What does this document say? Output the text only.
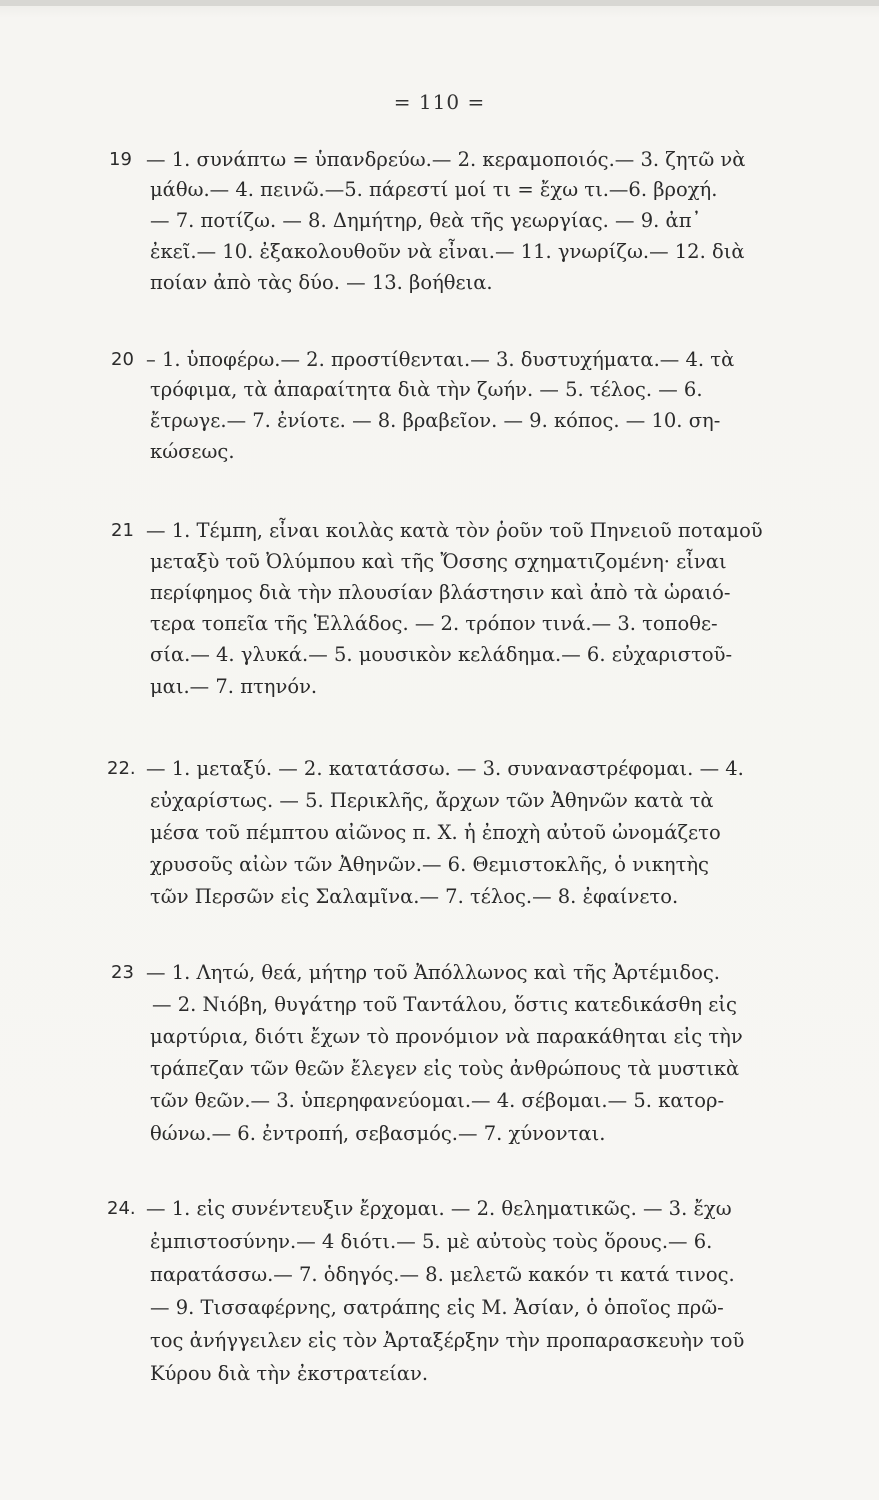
= 110 =
19 — 1. συνάπτω = ὑπανδρεύω.— 2. κεραμοποιός.— 3. ζητῶ νὰ
μάθω.— 4. πεινῶ.—5. πάρεστί μοί τι = ἔχω τι.—6. βροχή.
— 7. ποτίζω. — 8. Δημήτηρ, θεὰ τῆς γεωργίας. — 9. ἀπ᾽
ἐκεῖ.— 10. ἐξακολουθοῦν νὰ εἶναι.— 11. γνωρίζω.— 12. διὰ
ποίαν ἀπὸ τὰς δύο. — 13. βοήθεια.
20 – 1. ὑποφέρω.— 2. προστίθενται.— 3. δυστυχήματα.— 4. τὰ
τρόφιμα, τὰ ἀπαραίτητα διὰ τὴν ζωήν. — 5. τέλος. — 6.
ἔτρωγε.— 7. ἐνίοτε. — 8. βραβεῖον. — 9. κόπος. — 10. ση-
κώσεως.
21 — 1. Τέμπη, εἶναι κοιλὰς κατὰ τὸν ῥοῦν τοῦ Πηνειοῦ ποταμοῦ
μεταξὺ τοῦ Ὀλύμπου καὶ τῆς Ὄσσης σχηματιζομένη· εἶναι
περίφημος διὰ τὴν πλουσίαν βλάστησιν καὶ ἀπὸ τὰ ὡραιό-
τερα τοπεῖα τῆς Ἑλλάδος. — 2. τρόπον τινά.— 3. τοποθε-
σία.— 4. γλυκά.— 5. μουσικὸν κελάδημα.— 6. εὐχαριστοῦ-
μαι.— 7. πτηνόν.
22. — 1. μεταξύ. — 2. κατατάσσω. — 3. συναναστρέφομαι. — 4.
εὐχαρίστως. — 5. Περικλῆς, ἄρχων τῶν Ἀθηνῶν κατὰ τὰ
μέσα τοῦ πέμπτου αἰῶνος π. Χ. ἡ ἐποχὴ αὐτοῦ ὠνομάζετο
χρυσοῦς αἰὼν τῶν Ἀθηνῶν.— 6. Θεμιστοκλῆς, ὁ νικητὴς
τῶν Περσῶν εἰς Σαλαμῖνα.— 7. τέλος.— 8. ἐφαίνετο.
23 — 1. Λητώ, θεά, μήτηρ τοῦ Ἀπόλλωνος καὶ τῆς Ἀρτέμιδος.
— 2. Νιόβη, θυγάτηρ τοῦ Ταντάλου, ὅστις κατεδικάσθη εἰς
μαρτύρια, διότι ἔχων τὸ προνόμιον νὰ παρακάθηται εἰς τὴν
τράπεζαν τῶν θεῶν ἔλεγεν εἰς τοὺς ἀνθρώπους τὰ μυστικὰ
τῶν θεῶν.— 3. ὑπερηφανεύομαι.— 4. σέβομαι.— 5. κατορ-
θώνω.— 6. ἐντροπή, σεβασμός.— 7. χύνονται.
24. — 1. εἰς συνέντευξιν ἔρχομαι. — 2. θεληματικῶς. — 3. ἔχω
ἐμπιστοσύνην.— 4 διότι.— 5. μὲ αὐτοὺς τοὺς ὅρους.— 6.
παρατάσσω.— 7. ὁδηγός.— 8. μελετῶ κακόν τι κατά τινος.
— 9. Τισσαφέρνης, σατράπης εἰς Μ. Ἀσίαν, ὁ ὁποῖος πρῶ-
τος ἀνήγγειλεν εἰς τὸν Ἀρταξέρξην τὴν προπαρασκευὴν τοῦ
Κύρου διὰ τὴν ἐκστρατείαν.
